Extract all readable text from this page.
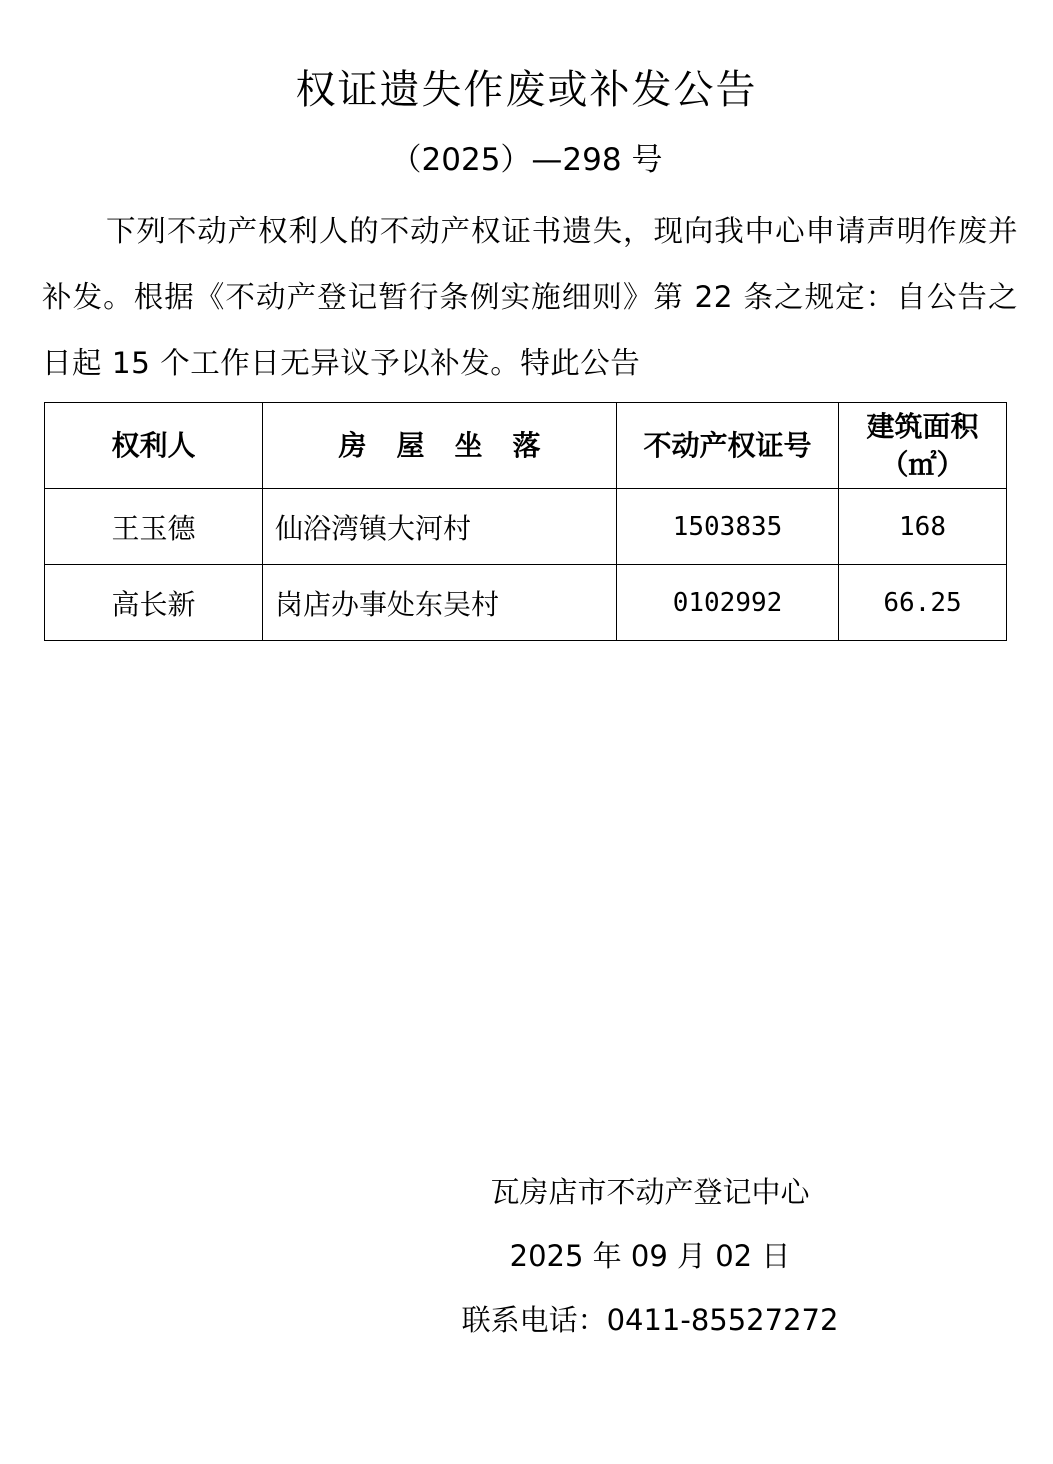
权证遗失作废或补发公告
（2025）—298 号
下列不动产权利人的不动产权证书遗失，现向我中心申请声明作废并补发。根据《不动产登记暂行条例实施细则》第 22 条之规定：自公告之日起 15 个工作日无异议予以补发。特此公告
权利人	房屋坐落	不动产权证号	建筑面积
（㎡）

王玉德	仙浴湾镇大河村	1503835	168
高长新	岗店办事处东吴村	0102992	66.25
瓦房店市不动产登记中心
2025 年 09 月 02 日
联系电话：0411-85527272
